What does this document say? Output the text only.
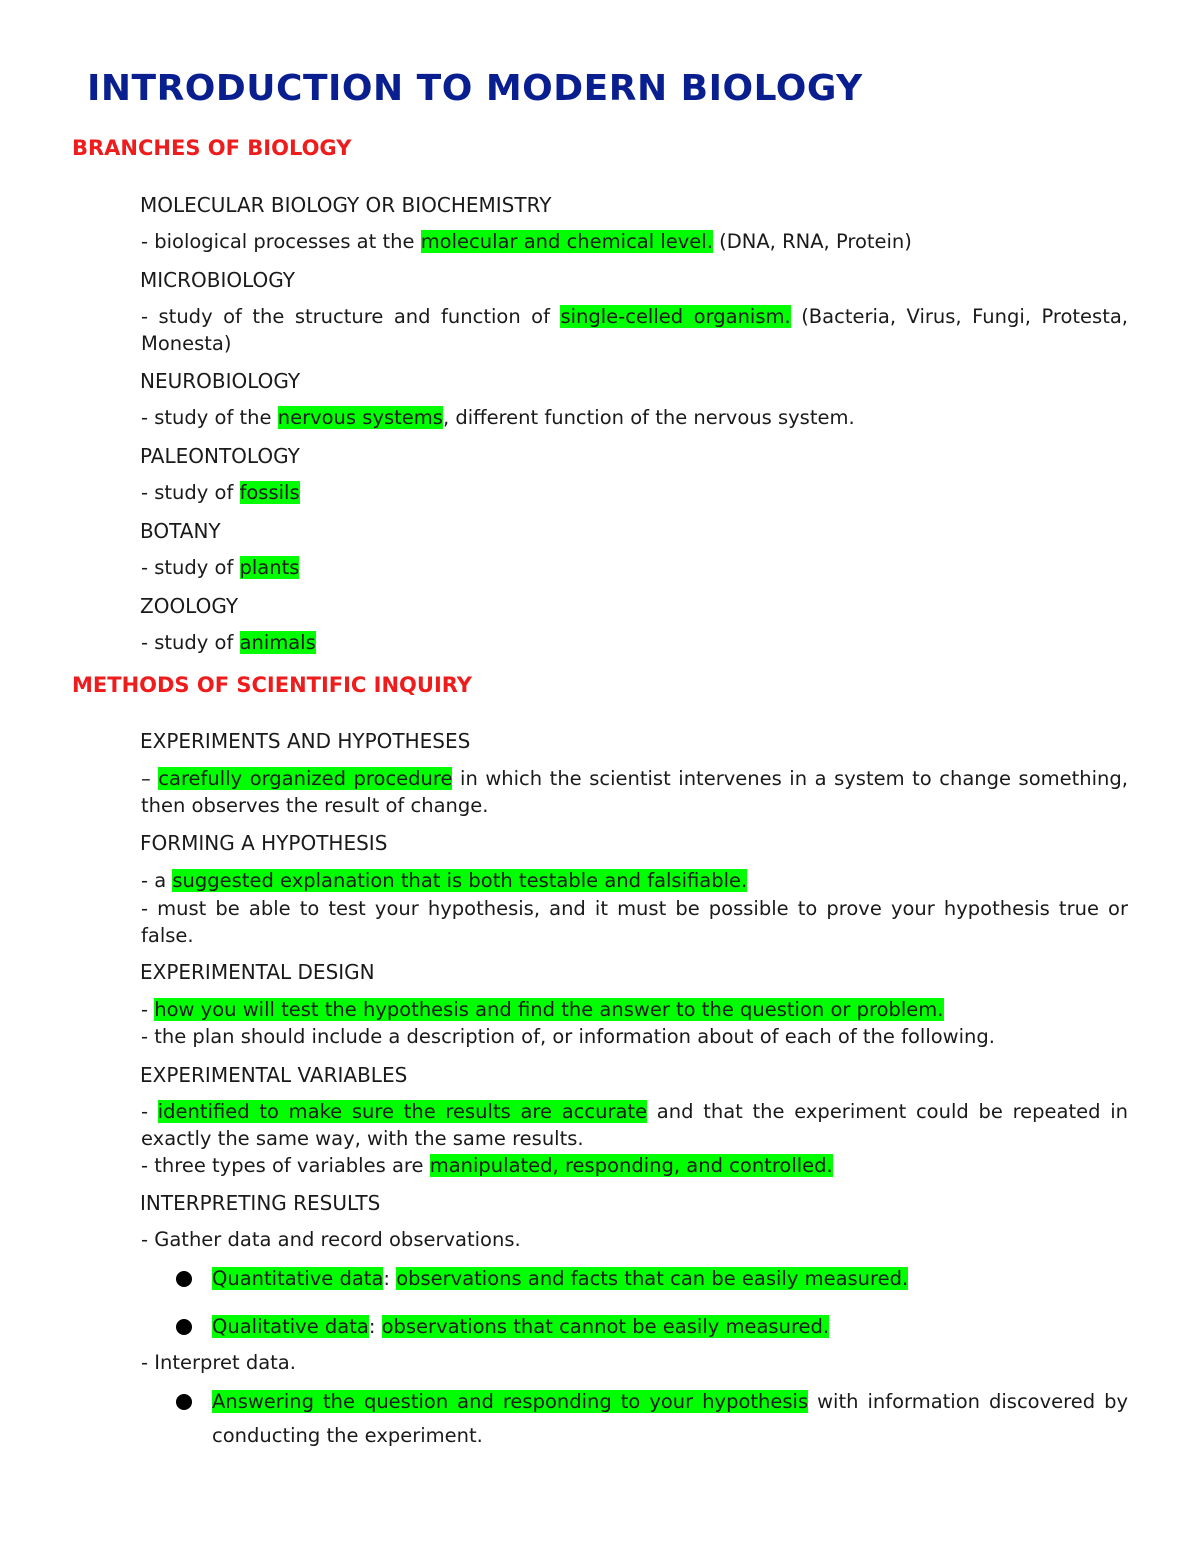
INTRODUCTION TO MODERN BIOLOGY
BRANCHES OF BIOLOGY
MOLECULAR BIOLOGY OR BIOCHEMISTRY

- biological processes at the molecular and chemical level. (DNA, RNA, Protein)

MICROBIOLOGY

- study of the structure and function of single-celled organism. (Bacteria, Virus, Fungi, Protesta, Monesta)

NEUROBIOLOGY

- study of the nervous systems, different function of the nervous system.

PALEONTOLOGY

- study of fossils

BOTANY

- study of plants

ZOOLOGY

- study of animals

METHODS OF SCIENTIFIC INQUIRY
EXPERIMENTS AND HYPOTHESES

– carefully organized procedure in which the scientist intervenes in a system to change something, then observes the result of change.

FORMING A HYPOTHESIS

- a suggested explanation that is both testable and falsifiable.

- must be able to test your hypothesis, and it must be possible to prove your hypothesis true or false.

EXPERIMENTAL DESIGN

- how you will test the hypothesis and find the answer to the question or problem.

- the plan should include a description of, or information about of each of the following.

EXPERIMENTAL VARIABLES

- identified to make sure the results are accurate and that the experiment could be repeated in exactly the same way, with the same results.

- three types of variables are manipulated, responding, and controlled.

INTERPRETING RESULTS

- Gather data and record observations.

Quantitative data: observations and facts that can be easily measured.
Qualitative data: observations that cannot be easily measured.

- Interpret data.

Answering the question and responding to your hypothesis with information discovered by conducting the experiment.
